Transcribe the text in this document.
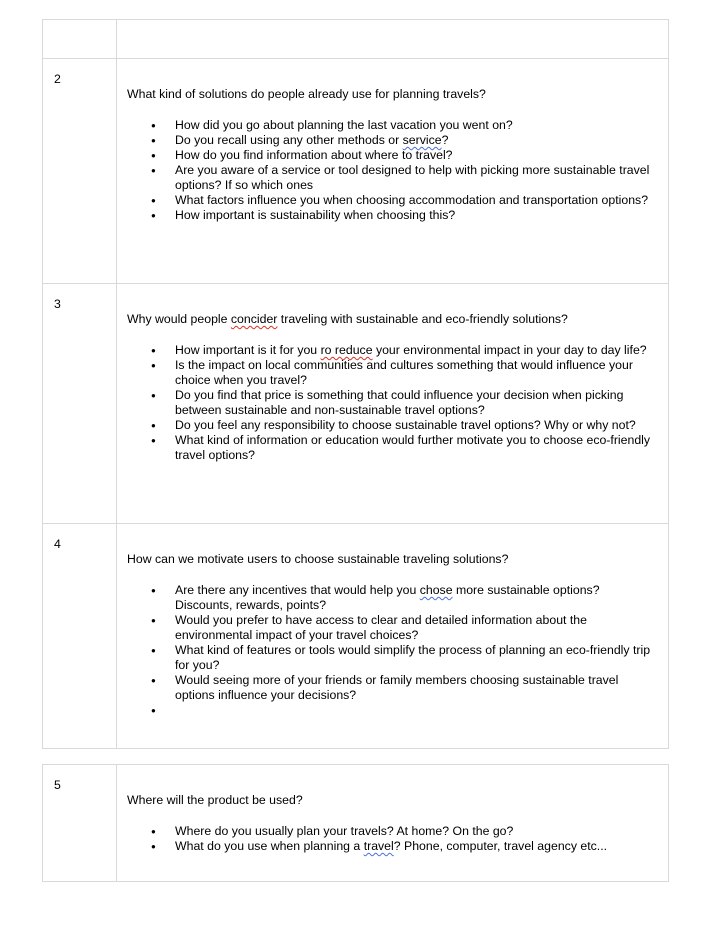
2

What kind of solutions do people already use for planning travels?
● How did you go about planning the last vacation you went on?
● Do you recall using any other methods or service?
● How do you find information about where to travel?
● Are you aware of a service or tool designed to help with picking more sustainable travel options? If so which ones
● What factors influence you when choosing accommodation and transportation options?
● How important is sustainability when choosing this?

3

Why would people concider traveling with sustainable and eco-friendly solutions?
● How important is it for you ro reduce your environmental impact in your day to day life?
● Is the impact on local communities and cultures something that would influence your choice when you travel?
● Do you find that price is something that could influence your decision when picking between sustainable and non-sustainable travel options?
● Do you feel any responsibility to choose sustainable travel options? Why or why not?
● What kind of information or education would further motivate you to choose eco-friendly travel options?

4

How can we motivate users to choose sustainable traveling solutions?
● Are there any incentives that would help you chose more sustainable options? Discounts, rewards, points?
● Would you prefer to have access to clear and detailed information about the environmental impact of your travel choices?
● What kind of features or tools would simplify the process of planning an eco-friendly trip for you?
● Would seeing more of your friends or family members choosing sustainable travel options influence your decisions?
●
5

Where will the product be used?
● Where do you usually plan your travels? At home? On the go?
● What do you use when planning a travel? Phone, computer, travel agency etc...
